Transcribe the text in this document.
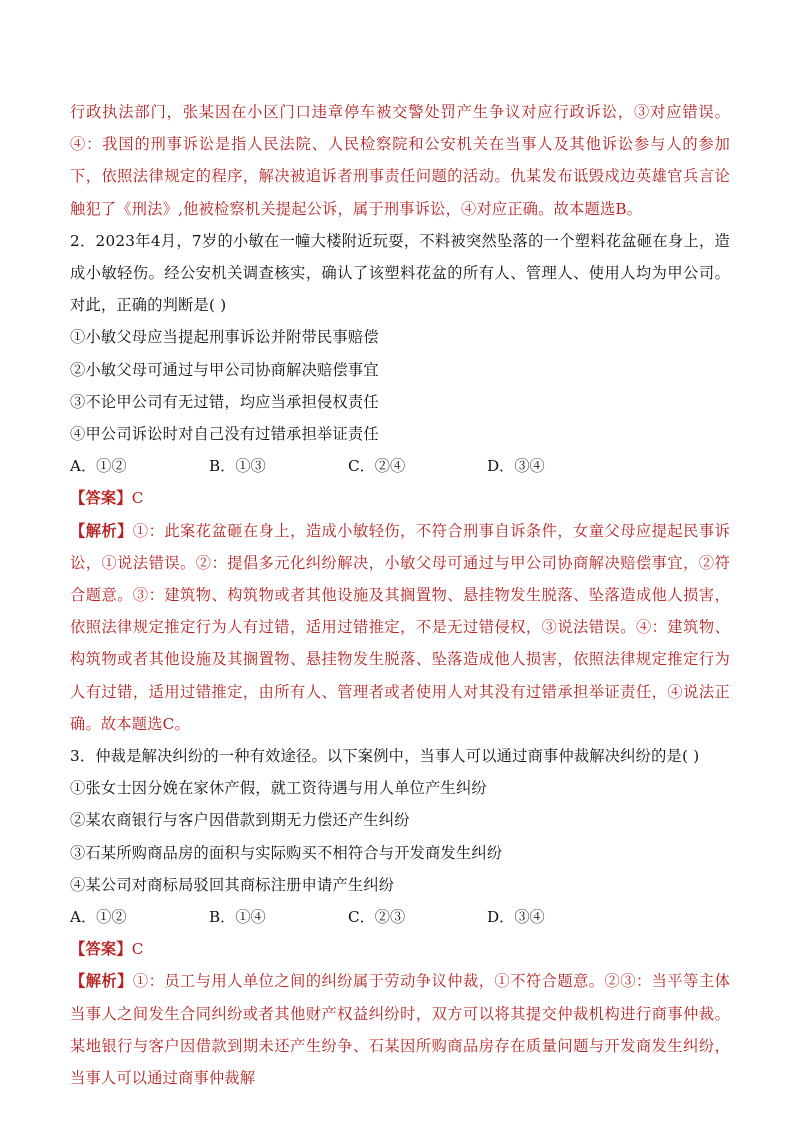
行政执法部门，张某因在小区门口违章停车被交警处罚产生争议对应行政诉讼，③对应错误。④：我国的刑事诉讼是指人民法院、人民检察院和公安机关在当事人及其他诉讼参与人的参加下，依照法律规定的程序，解决被追诉者刑事责任问题的活动。仇某发布诋毁戍边英雄官兵言论触犯了《刑法》,他被检察机关提起公诉，属于刑事诉讼，④对应正确。故本题选B。

2．2023年4月，7岁的小敏在一幢大楼附近玩耍，不料被突然坠落的一个塑料花盆砸在身上，造成小敏轻伤。经公安机关调查核实，确认了该塑料花盆的所有人、管理人、使用人均为甲公司。对此，正确的判断是( )

①小敏父母应当提起刑事诉讼并附带民事赔偿

②小敏父母可通过与甲公司协商解决赔偿事宜

③不论甲公司有无过错，均应当承担侵权责任

④甲公司诉讼时对自己没有过错承担举证责任

A．①②	B．①③	C．②④	D．③④

【答案】C

【解析】①：此案花盆砸在身上，造成小敏轻伤，不符合刑事自诉条件，女童父母应提起民事诉讼，①说法错误。②：提倡多元化纠纷解决，小敏父母可通过与甲公司协商解决赔偿事宜，②符合题意。③：建筑物、构筑物或者其他设施及其搁置物、悬挂物发生脱落、坠落造成他人损害，依照法律规定推定行为人有过错，适用过错推定，不是无过错侵权，③说法错误。④：建筑物、构筑物或者其他设施及其搁置物、悬挂物发生脱落、坠落造成他人损害，依照法律规定推定行为人有过错，适用过错推定，由所有人、管理者或者使用人对其没有过错承担举证责任，④说法正确。故本题选C。

3．仲裁是解决纠纷的一种有效途径。以下案例中，当事人可以通过商事仲裁解决纠纷的是( )

①张女士因分娩在家休产假，就工资待遇与用人单位产生纠纷

②某农商银行与客户因借款到期无力偿还产生纠纷

③石某所购商品房的面积与实际购买不相符合与开发商发生纠纷

④某公司对商标局驳回其商标注册申请产生纠纷

A．①②	B．①④	C．②③	D．③④

【答案】C

【解析】①：员工与用人单位之间的纠纷属于劳动争议仲裁，①不符合题意。②③：当平等主体当事人之间发生合同纠纷或者其他财产权益纠纷时，双方可以将其提交仲裁机构进行商事仲裁。某地银行与客户因借款到期未还产生纷争、石某因所购商品房存在质量问题与开发商发生纠纷，当事人可以通过商事仲裁解
